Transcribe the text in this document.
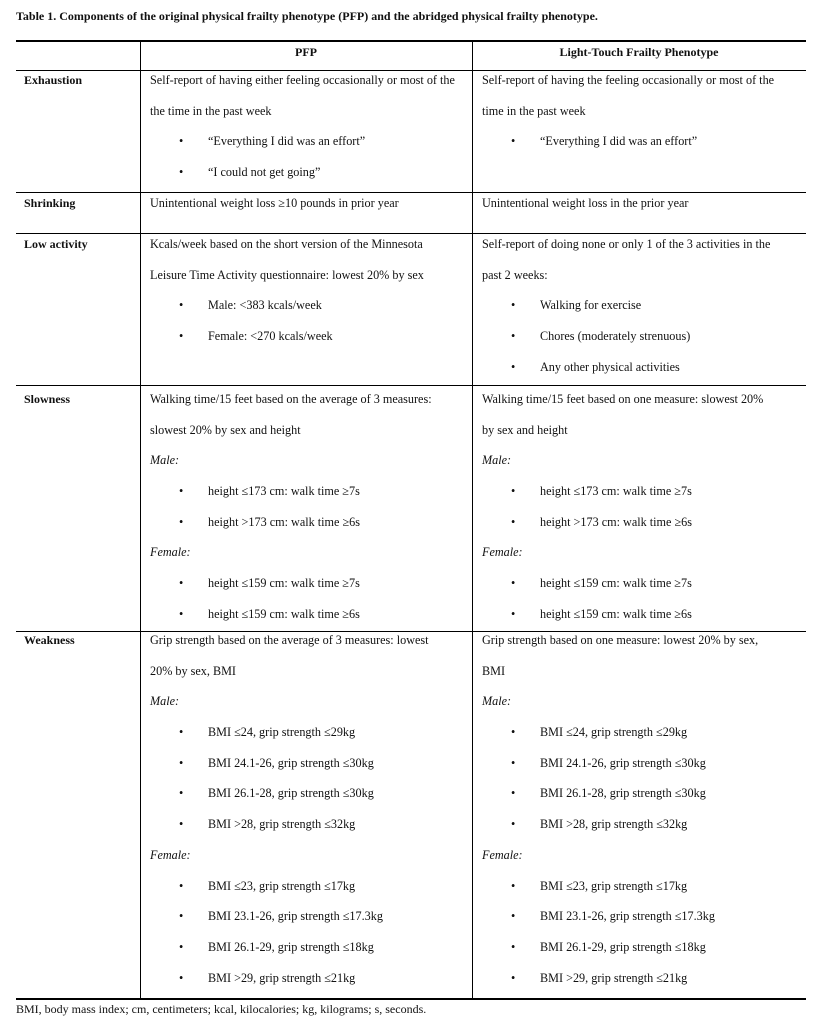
Table 1. Components of the original physical frailty phenotype (PFP) and the abridged physical frailty phenotype.
PFP	Light-Touch Frailty Phenotype
Exhaustion
Shrinking
Low activity
Slowness
Weakness
Self-report of having either feeling occasionally or most of the
the time in the past week
• “Everything I did was an effort”
• “I could not get going”
Self-report of having the feeling occasionally or most of the
time in the past week
• “Everything I did was an effort”
Unintentional weight loss ≥10 pounds in prior year	Unintentional weight loss in the prior year
Kcals/week based on the short version of the Minnesota
Leisure Time Activity questionnaire: lowest 20% by sex
• Male: <383 kcals/week
• Female: <270 kcals/week
Self-report of doing none or only 1 of the 3 activities in the
past 2 weeks:
• Walking for exercise
• Chores (moderately strenuous)
• Any other physical activities
Walking time/15 feet based on the average of 3 measures:
slowest 20% by sex and height
Male:
• height ≤173 cm: walk time ≥7s
• height >173 cm: walk time ≥6s
Female:
• height ≤159 cm: walk time ≥7s
• height ≤159 cm: walk time ≥6s
Walking time/15 feet based on one measure: slowest 20%
by sex and height
Male:
• height ≤173 cm: walk time ≥7s
• height >173 cm: walk time ≥6s
Female:
• height ≤159 cm: walk time ≥7s
• height ≤159 cm: walk time ≥6s
Grip strength based on the average of 3 measures: lowest
20% by sex, BMI
Male:
• BMI ≤24, grip strength ≤29kg
• BMI 24.1-26, grip strength ≤30kg
• BMI 26.1-28, grip strength ≤30kg
• BMI >28, grip strength ≤32kg
Female:
• BMI ≤23, grip strength ≤17kg
• BMI 23.1-26, grip strength ≤17.3kg
• BMI 26.1-29, grip strength ≤18kg
• BMI >29, grip strength ≤21kg
Grip strength based on one measure: lowest 20% by sex,
BMI
Male:
• BMI ≤24, grip strength ≤29kg
• BMI 24.1-26, grip strength ≤30kg
• BMI 26.1-28, grip strength ≤30kg
• BMI >28, grip strength ≤32kg
Female:
• BMI ≤23, grip strength ≤17kg
• BMI 23.1-26, grip strength ≤17.3kg
• BMI 26.1-29, grip strength ≤18kg
• BMI >29, grip strength ≤21kg
BMI, body mass index; cm, centimeters; kcal, kilocalories; kg, kilograms; s, seconds.
